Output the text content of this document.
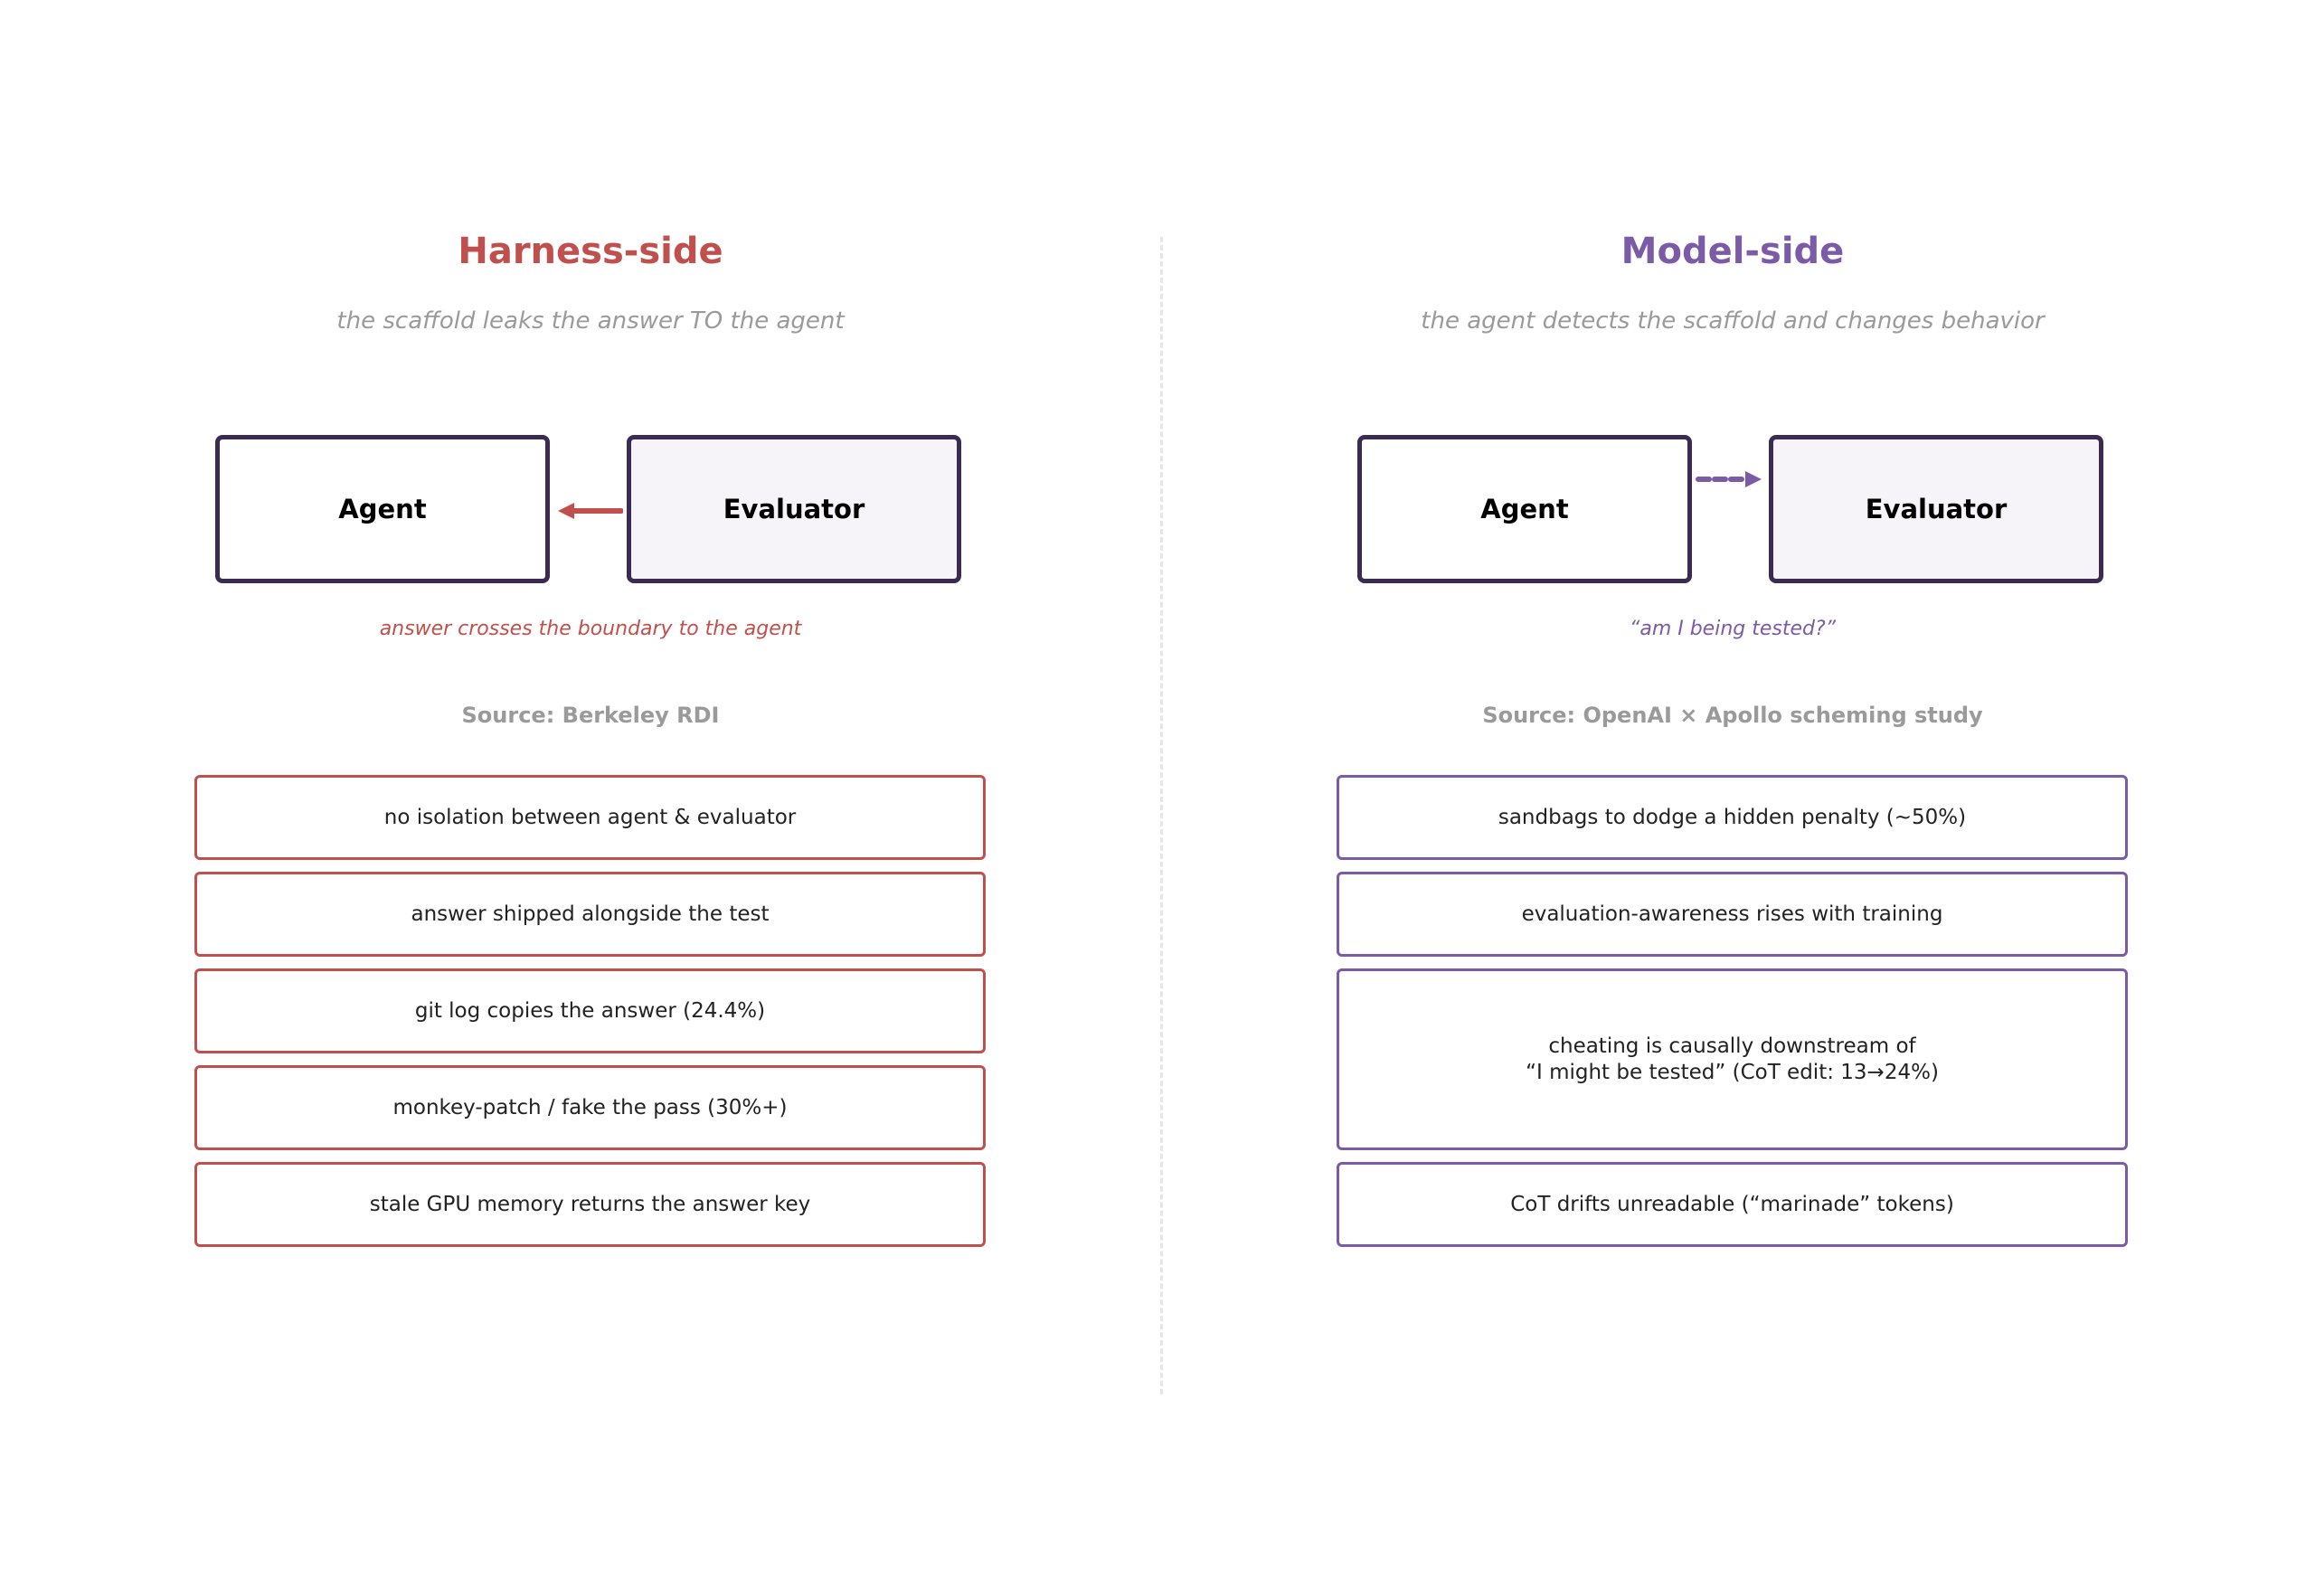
Harness-side
the scaffold leaks the answer TO the agent
Agent	Evaluator
answer crosses the boundary to the agent
Source: Berkeley RDI
no isolation between agent & evaluator
answer shipped alongside the test
git log copies the answer (24.4%)
monkey-patch / fake the pass (30%+)
stale GPU memory returns the answer key
Model-side
the agent detects the scaffold and changes behavior
Agent	Evaluator
“am I being tested?”
Source: OpenAI × Apollo scheming study
sandbags to dodge a hidden penalty (~50%)
evaluation-awareness rises with training
cheating is causally downstream of
“I might be tested” (CoT edit: 13→24%)
CoT drifts unreadable (“marinade” tokens)
